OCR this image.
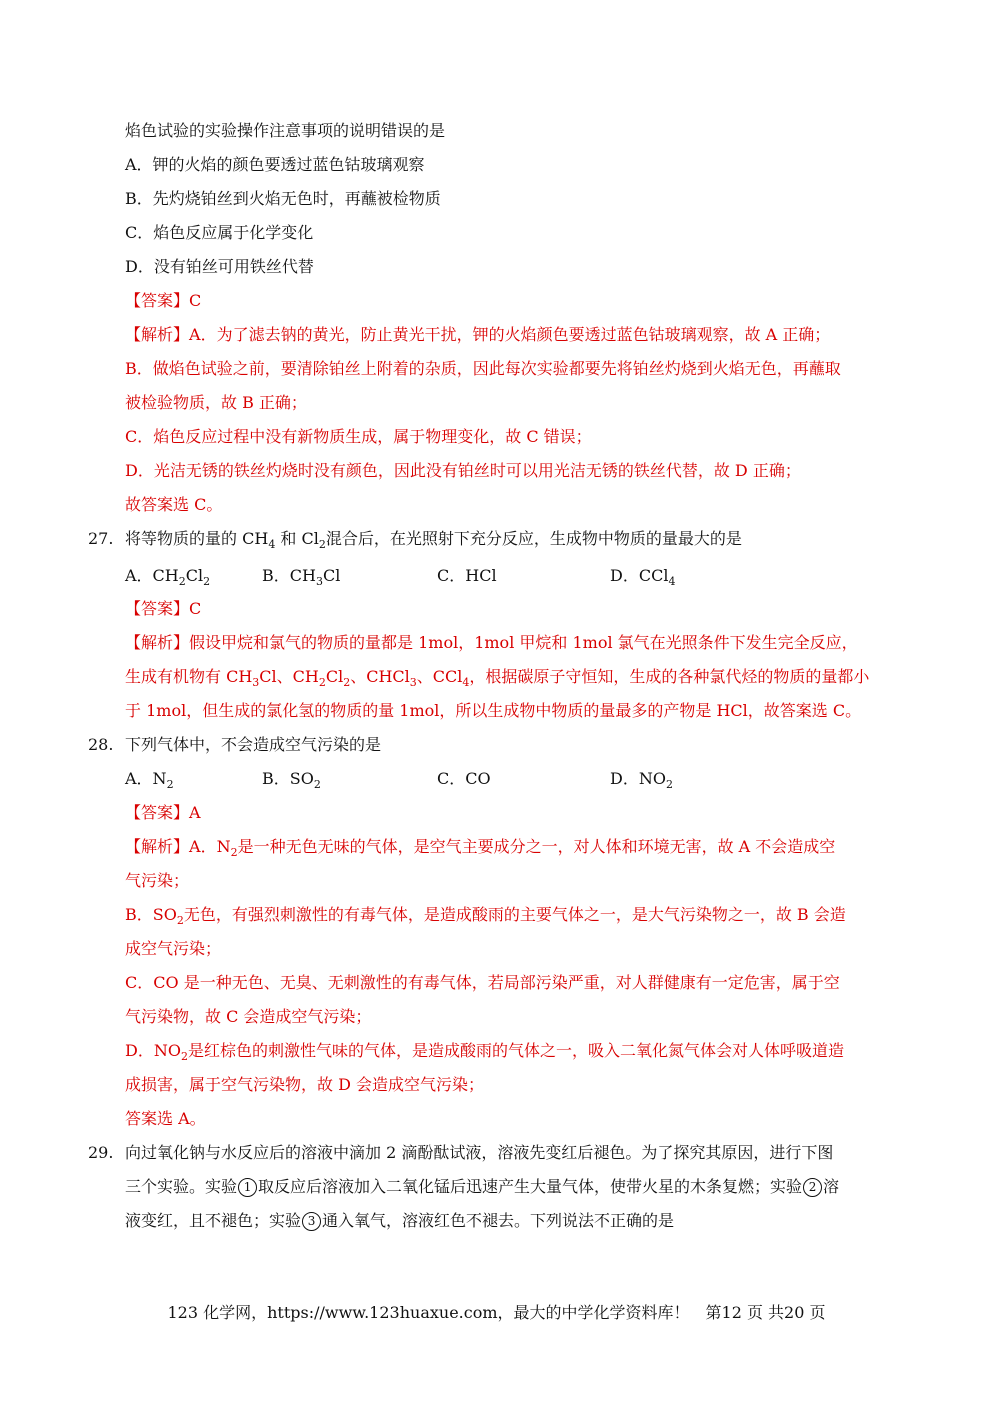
焰色试验的实验操作注意事项的说明错误的是
A．钾的火焰的颜色要透过蓝色钴玻璃观察
B．先灼烧铂丝到火焰无色时，再蘸被检物质
C．焰色反应属于化学变化
D．没有铂丝可用铁丝代替
【答案】C
【解析】A．为了滤去钠的黄光，防止黄光干扰，钾的火焰颜色要透过蓝色钴玻璃观察，故 A 正确；
B．做焰色试验之前，要清除铂丝上附着的杂质，因此每次实验都要先将铂丝灼烧到火焰无色，再蘸取
被检验物质，故 B 正确；
C．焰色反应过程中没有新物质生成，属于物理变化，故 C 错误；
D．光洁无锈的铁丝灼烧时没有颜色，因此没有铂丝时可以用光洁无锈的铁丝代替，故 D 正确；
故答案选 C。
27. 将等物质的量的 $CH_4$ 和 $Cl_2$混合后，在光照射下充分反应，生成物中物质的量最大的是
A．$CH_2Cl_2$	B．$CH_3Cl$	C．HCl	D．CCl$_4$
【答案】C
【解析】假设甲烷和氯气的物质的量都是 1mol，1mol 甲烷和 1mol 氯气在光照条件下发生完全反应，
生成有机物有 $CH_3Cl$、$CH_2Cl_2$、CHCl$_3$、CCl$_4$，根据碳原子守恒知，生成的各种氯代烃的物质的量都小
于 1mol，但生成的氯化氢的物质的量 1mol，所以生成物中物质的量最多的产物是 HCl，故答案选 C。
28. 下列气体中，不会造成空气污染的是
A．$N_2$	B．$SO_2$	C．CO	D．$NO_2$
【答案】A
【解析】A．$N_2$是一种无色无味的气体，是空气主要成分之一，对人体和环境无害，故 A 不会造成空
气污染；
B．$SO_2$无色，有强烈刺激性的有毒气体，是造成酸雨的主要气体之一，是大气污染物之一，故 B 会造
成空气污染；
C．CO 是一种无色、无臭、无刺激性的有毒气体，若局部污染严重，对人群健康有一定危害，属于空
气污染物，故 C 会造成空气污染；
D．$NO_2$是红棕色的刺激性气味的气体，是造成酸雨的气体之一，吸入二氧化氮气体会对人体呼吸道造
成损害，属于空气污染物，故 D 会造成空气污染；
答案选 A。
29. 向过氧化钠与水反应后的溶液中滴加 2 滴酚酞试液，溶液先变红后褪色。为了探究其原因，进行下图
三个实验。实验 1 取反应后溶液加入二氧化锰后迅速产生大量气体，使带火星的木条复燃；实验 2 溶
液变红，且不褪色；实验 3 通入氧气，溶液红色不褪去。下列说法不正确的是
123 化学网，https://www.123huaxue.com，最大的中学化学资料库！　第12 页 共20 页
